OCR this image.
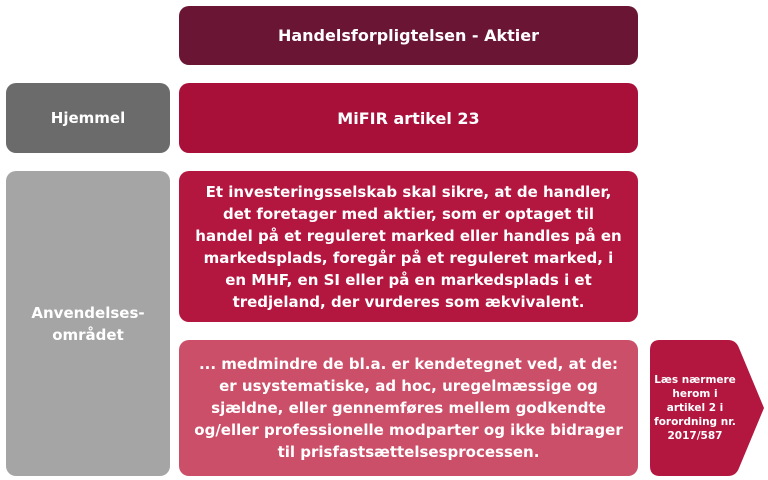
Handelsforpligtelsen - Aktier
Hjemmel	MiFIR artikel 23
Anvendelses-
området
Et investeringsselskab skal sikre, at de handler, det foretager med aktier, som er optaget til handel på et reguleret marked eller handles på en markedsplads, foregår på et reguleret marked, i en MHF, en SI eller på en markedsplads i et tredjeland, der vurderes som ækvivalent.
... medmindre de bl.a. er kendetegnet ved, at de:
er usystematiske, ad hoc, uregelmæssige og sjældne, eller gennemføres mellem godkendte og/eller professionelle modparter og ikke bidrager til prisfastsættelsesprocessen.
Læs nærmere herom i artikel 2 i forordning nr. 2017/587
